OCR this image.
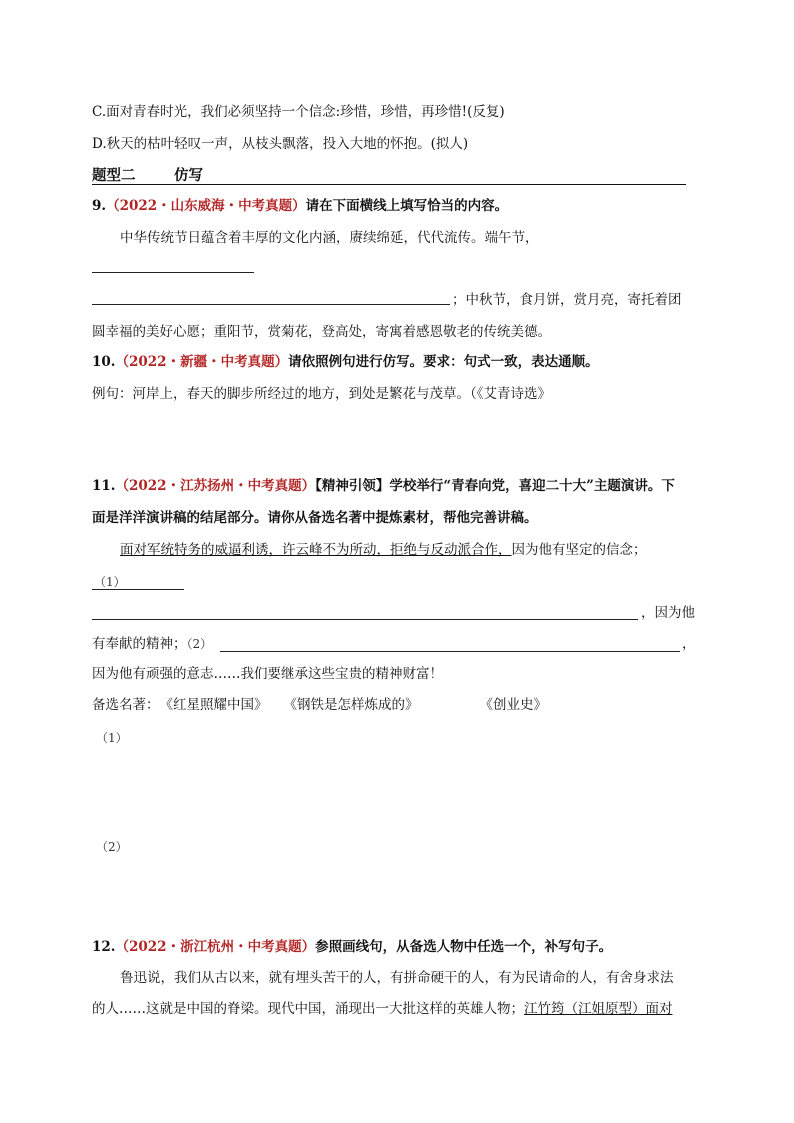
C.面对青春时光，我们必须坚持一个信念:珍惜，珍惜，再珍惜!(反复)
D.秋天的枯叶轻叹一声，从枝头飘落，投入大地的怀抱。(拟人)
题型二	仿写
9.（2022・山东威海・中考真题）请在下面横线上填写恰当的内容。
中华传统节日蕴含着丰厚的文化内涵，赓续绵延，代代流传。端午节，
；中秋节，食月饼，赏月亮，寄托着团
圆幸福的美好心愿；重阳节，赏菊花，登高处，寄寓着感恩敬老的传统美德。
10.（2022・新疆・中考真题）请依照例句进行仿写。要求：句式一致，表达通顺。
例句：河岸上，春天的脚步所经过的地方，到处是繁花与茂草。（《艾青诗选》
11.（2022・江苏扬州・中考真题）【精神引领】学校举行“青春向党，喜迎二十大”主题演讲。下
面是洋洋演讲稿的结尾部分。请你从备选名著中提炼素材，帮他完善讲稿。
面对军统特务的威逼利诱，许云峰不为所动，拒绝与反动派合作，因为他有坚定的信念；
（1）
，因为他
有奉献的精神；（2）	，
因为他有顽强的意志……我们要继承这些宝贵的精神财富！
备选名著：《红星照耀中国》 《钢铁是怎样炼成的》	《创业史》
（1）
（2）
12.（2022・浙江杭州・中考真题）参照画线句，从备选人物中任选一个，补写句子。
鲁迅说，我们从古以来，就有埋头苦干的人，有拼命硬干的人，有为民请命的人，有舍身求法
的人……这就是中国的脊梁。现代中国，涌现出一大批这样的英雄人物；江竹筠（江姐原型）面对
